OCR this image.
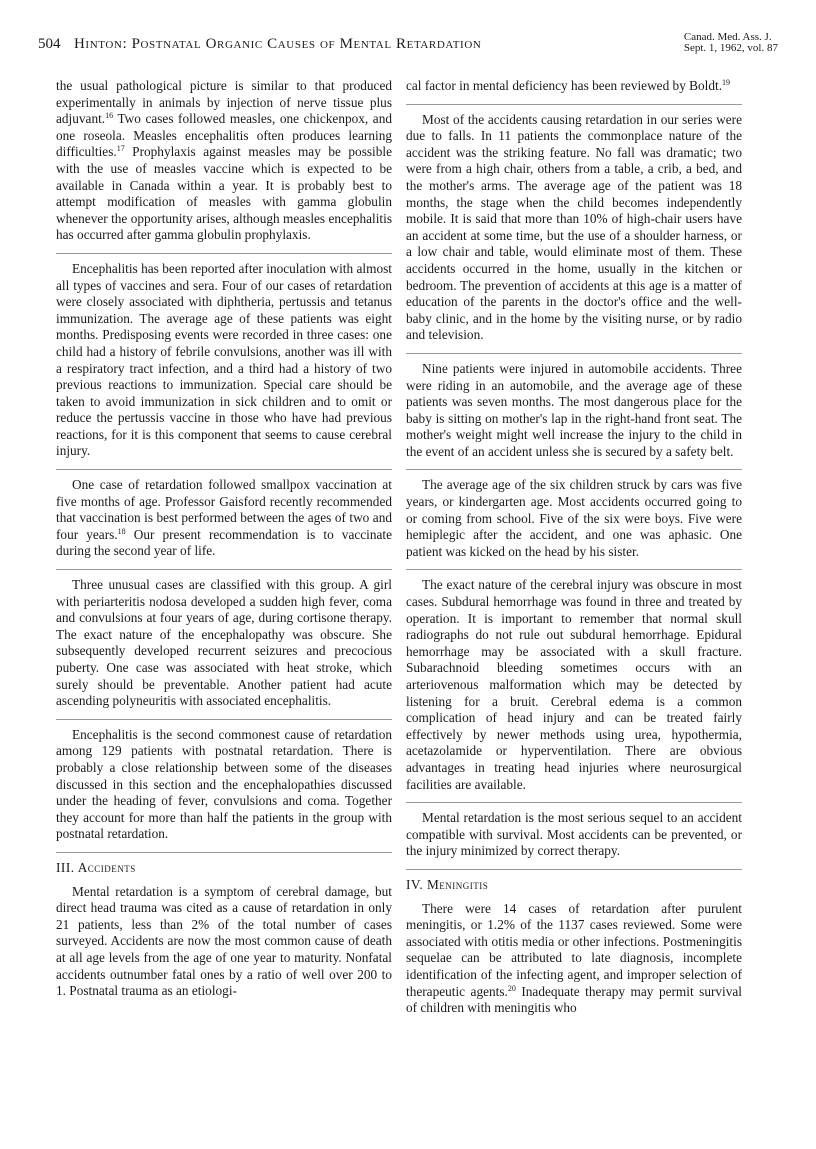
504 Hinton: Postnatal Organic Causes of Mental Retardation	Canad. Med. Ass. J.
Sept. 1, 1962, vol. 87

the usual pathological picture is similar to that produced experimentally in animals by injection of nerve tissue plus adjuvant.$^{16}$ Two cases followed measles, one chickenpox, and one roseola. Measles encephalitis often produces learning difficulties.$^{17}$ Prophylaxis against measles may be possible with the use of measles vaccine which is expected to be available in Canada within a year. It is probably best to attempt modification of measles with gamma globulin whenever the opportunity arises, although measles encephalitis has occurred after gamma globulin prophylaxis.

Encephalitis has been reported after inoculation with almost all types of vaccines and sera. Four of our cases of retardation were closely associated with diphtheria, pertussis and tetanus immunization. The average age of these patients was eight months. Predisposing events were recorded in three cases: one child had a history of febrile convulsions, another was ill with a respiratory tract infection, and a third had a history of two previous reactions to immunization. Special care should be taken to avoid immunization in sick children and to omit or reduce the pertussis vaccine in those who have had previous reactions, for it is this component that seems to cause cerebral injury.

One case of retardation followed smallpox vaccination at five months of age. Professor Gaisford recently recommended that vaccination is best performed between the ages of two and four years.$^{18}$ Our present recommendation is to vaccinate during the second year of life.

Three unusual cases are classified with this group. A girl with periarteritis nodosa developed a sudden high fever, coma and convulsions at four years of age, during cortisone therapy. The exact nature of the encephalopathy was obscure. She subsequently developed recurrent seizures and precocious puberty. One case was associated with heat stroke, which surely should be preventable. Another patient had acute ascending polyneuritis with associated encephalitis.

Encephalitis is the second commonest cause of retardation among 129 patients with postnatal retardation. There is probably a close relationship between some of the diseases discussed in this section and the encephalopathies discussed under the heading of fever, convulsions and coma. Together they account for more than half the patients in the group with postnatal retardation.

III. Accidents

Mental retardation is a symptom of cerebral damage, but direct head trauma was cited as a cause of retardation in only 21 patients, less than 2% of the total number of cases surveyed. Accidents are now the most common cause of death at all age levels from the age of one year to maturity. Nonfatal accidents outnumber fatal ones by a ratio of well over 200 to 1. Postnatal trauma as an etiologi-

cal factor in mental deficiency has been reviewed by Boldt.$^{19}$

Most of the accidents causing retardation in our series were due to falls. In 11 patients the commonplace nature of the accident was the striking feature. No fall was dramatic; two were from a high chair, others from a table, a crib, a bed, and the mother's arms. The average age of the patient was 18 months, the stage when the child becomes independently mobile. It is said that more than 10% of high-chair users have an accident at some time, but the use of a shoulder harness, or a low chair and table, would eliminate most of them. These accidents occurred in the home, usually in the kitchen or bedroom. The prevention of accidents at this age is a matter of education of the parents in the doctor's office and the well-baby clinic, and in the home by the visiting nurse, or by radio and television.

Nine patients were injured in automobile accidents. Three were riding in an automobile, and the average age of these patients was seven months. The most dangerous place for the baby is sitting on mother's lap in the right-hand front seat. The mother's weight might well increase the injury to the child in the event of an accident unless she is secured by a safety belt.

The average age of the six children struck by cars was five years, or kindergarten age. Most accidents occurred going to or coming from school. Five of the six were boys. Five were hemiplegic after the accident, and one was aphasic. One patient was kicked on the head by his sister.

The exact nature of the cerebral injury was obscure in most cases. Subdural hemorrhage was found in three and treated by operation. It is important to remember that normal skull radiographs do not rule out subdural hemorrhage. Epidural hemorrhage may be associated with a skull fracture. Subarachnoid bleeding sometimes occurs with an arteriovenous malformation which may be detected by listening for a bruit. Cerebral edema is a common complication of head injury and can be treated fairly effectively by newer methods using urea, hypothermia, acetazolamide or hyperventilation. There are obvious advantages in treating head injuries where neurosurgical facilities are available.

Mental retardation is the most serious sequel to an accident compatible with survival. Most accidents can be prevented, or the injury minimized by correct therapy.

IV. Meningitis

There were 14 cases of retardation after purulent meningitis, or 1.2% of the 1137 cases reviewed. Some were associated with otitis media or other infections. Postmeningitis sequelae can be attributed to late diagnosis, incomplete identification of the infecting agent, and improper selection of therapeutic agents.$^{20}$ Inadequate therapy may permit survival of children with meningitis who
